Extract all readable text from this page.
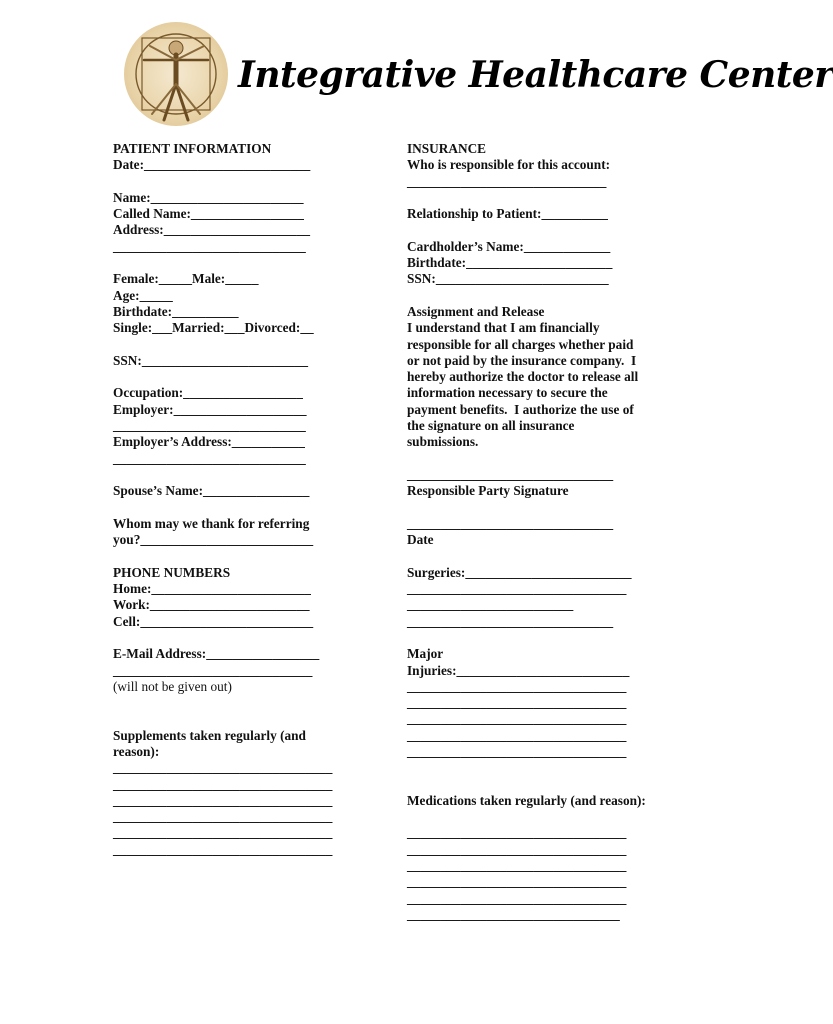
Integrative Healthcare Center
PATIENT INFORMATION
Date:_________________________
Name:_______________________
Called Name:_________________
Address:______________________
_____________________________
Female:_____Male:_____
Age:_____
Birthdate:__________
Single:___Married:___Divorced:__
SSN:_________________________
Occupation:__________________
Employer:____________________
_____________________________
Employer’s Address:___________
_____________________________
Spouse’s Name:________________
Whom may we thank for referring
you?__________________________
PHONE NUMBERS
Home:________________________
Work:________________________
Cell:__________________________
E-Mail Address:_________________
______________________________
(will not be given out)
Supplements taken regularly (and
reason):
_________________________________
_________________________________
_________________________________
_________________________________
_________________________________
_________________________________
INSURANCE
Who is responsible for this account:
______________________________
Relationship to Patient:__________
Cardholder’s Name:_____________
Birthdate:______________________
SSN:__________________________
Assignment and Release
I understand that I am financially
responsible for all charges whether paid
or not paid by the insurance company.  I
hereby authorize the doctor to release all
information necessary to secure the
payment benefits.  I authorize the use of
the signature on all insurance
submissions.
_______________________________
Responsible Party Signature
_______________________________
Date
Surgeries:_________________________
_________________________________
_________________________
_______________________________
Major
Injuries:__________________________
_________________________________
_________________________________
_________________________________
_________________________________
_________________________________
Medications taken regularly (and reason):
_________________________________
_________________________________
_________________________________
_________________________________
_________________________________
________________________________
